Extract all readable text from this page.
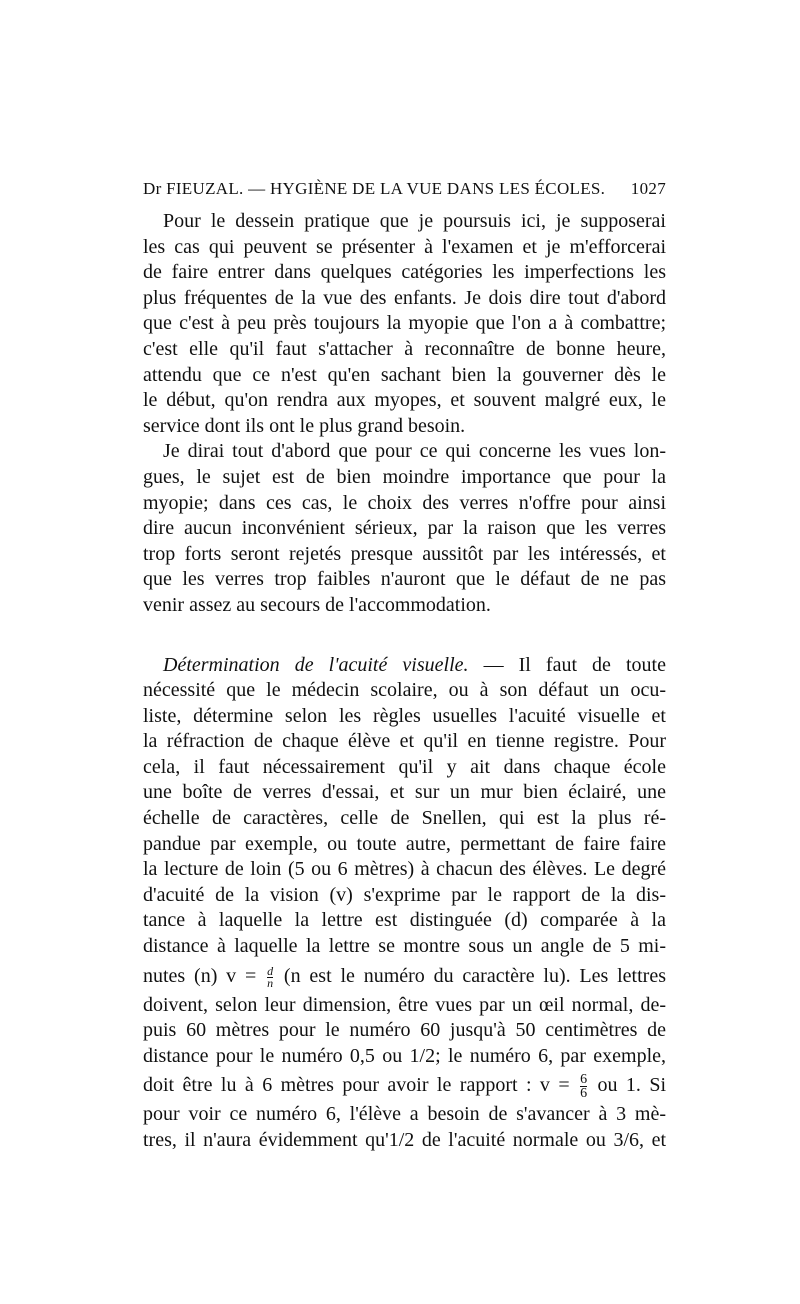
Dr FIEUZAL. — HYGIÈNE DE LA VUE DANS LES ÉCOLES. 1027
Pour le dessein pratique que je poursuis ici, je supposerai
les cas qui peuvent se présenter à l'examen et je m'efforcerai
de faire entrer dans quelques catégories les imperfections les
plus fréquentes de la vue des enfants. Je dois dire tout d'abord
que c'est à peu près toujours la myopie que l'on a à combattre;
c'est elle qu'il faut s'attacher à reconnaître de bonne heure,
attendu que ce n'est qu'en sachant bien la gouverner dès le
le début, qu'on rendra aux myopes, et souvent malgré eux, le
service dont ils ont le plus grand besoin.
Je dirai tout d'abord que pour ce qui concerne les vues lon-
gues, le sujet est de bien moindre importance que pour la
myopie; dans ces cas, le choix des verres n'offre pour ainsi
dire aucun inconvénient sérieux, par la raison que les verres
trop forts seront rejetés presque aussitôt par les intéressés, et
que les verres trop faibles n'auront que le défaut de ne pas
venir assez au secours de l'accommodation.
Détermination de l'acuité visuelle. — Il faut de toute
nécessité que le médecin scolaire, ou à son défaut un ocu-
liste, détermine selon les règles usuelles l'acuité visuelle et
la réfraction de chaque élève et qu'il en tienne registre. Pour
cela, il faut nécessairement qu'il y ait dans chaque école
une boîte de verres d'essai, et sur un mur bien éclairé, une
échelle de caractères, celle de Snellen, qui est la plus ré-
pandue par exemple, ou toute autre, permettant de faire faire
la lecture de loin (5 ou 6 mètres) à chacun des élèves. Le degré
d'acuité de la vision (v) s'exprime par le rapport de la dis-
tance à laquelle la lettre est distinguée (d) comparée à la
distance à laquelle la lettre se montre sous un angle de 5 mi-
nutes (n) $v = \frac{d}{n} (n$ est le numéro du caractère lu). Les lettres
doivent, selon leur dimension, être vues par un œil normal, de-
puis 60 mètres pour le numéro 60 jusqu'à 50 centimètres de
distance pour le numéro 0,5 ou 1/2; le numéro 6, par exemple,
doit être lu à 6 mètres pour avoir le rapport : $v = \frac{6}{6}$ ou 1. Si
pour voir ce numéro 6, l'élève a besoin de s'avancer à 3 mè-
tres, il n'aura évidemment qu'1/2 de l'acuité normale ou 3/6, et
